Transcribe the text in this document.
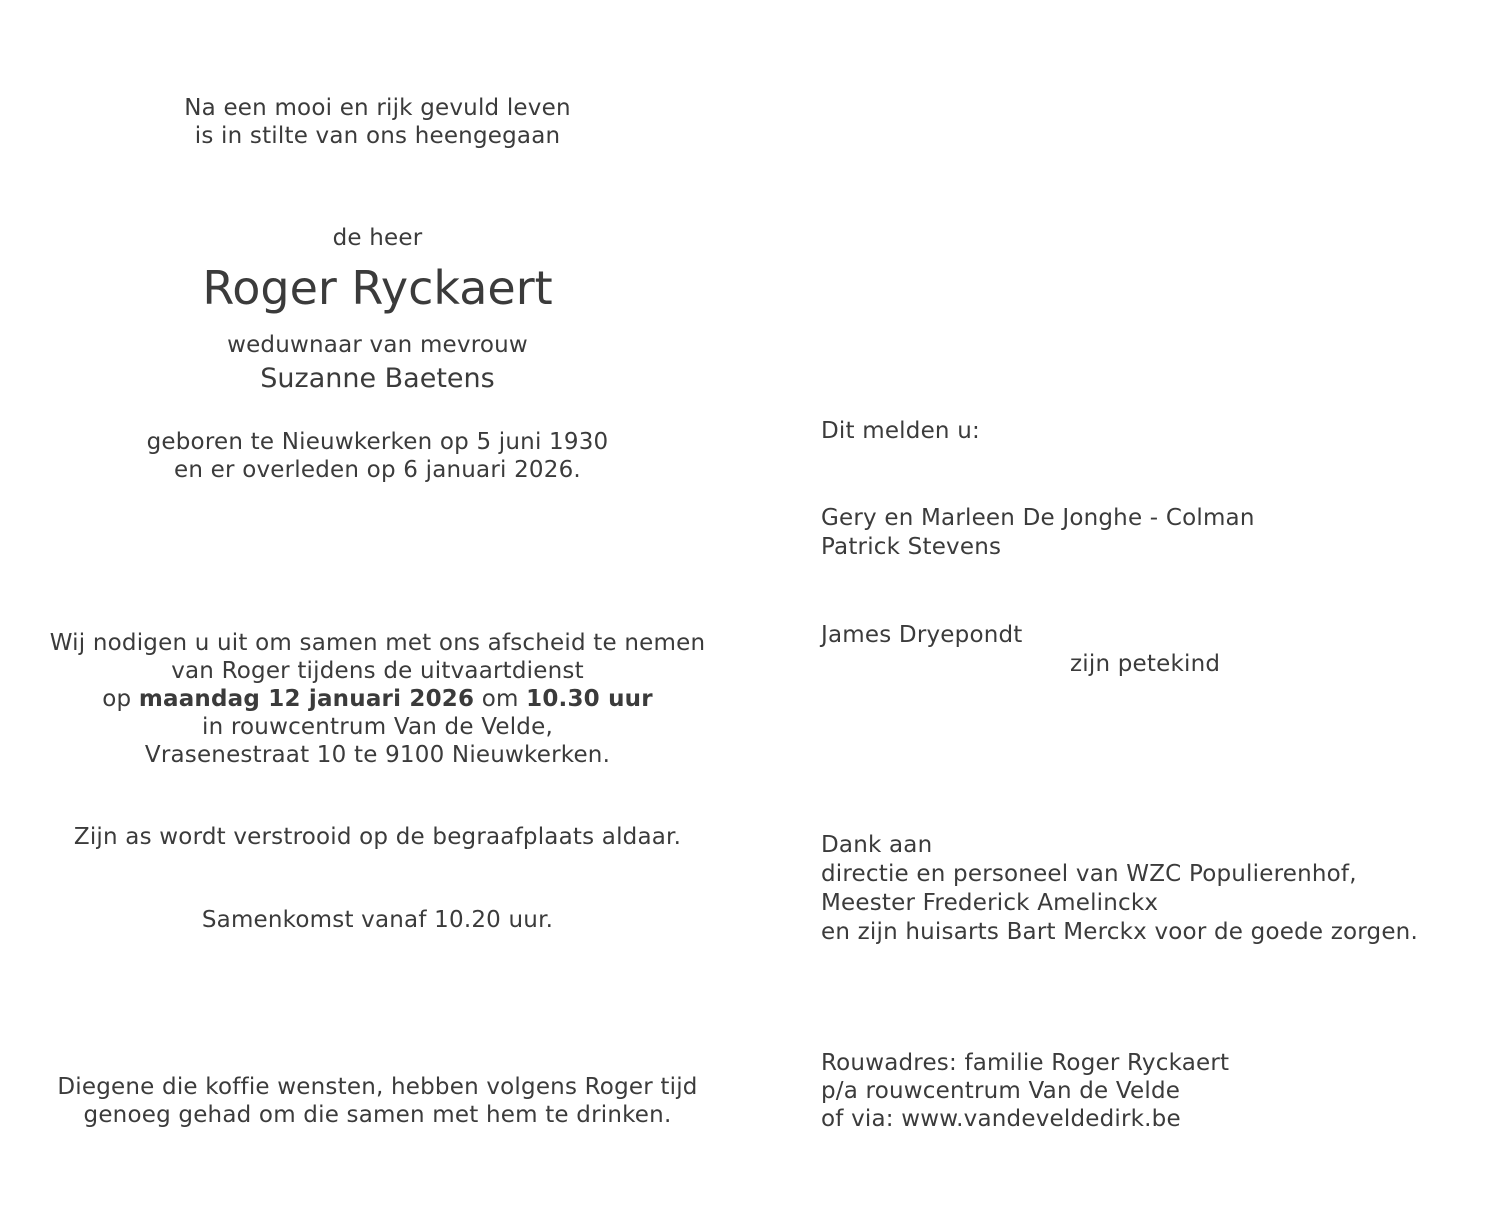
Na een mooi en rijk gevuld leven
is in stilte van ons heengegaan
de heer
Roger Ryckaert
weduwnaar van mevrouw
Suzanne Baetens
geboren te Nieuwkerken op 5 juni 1930
en er overleden op 6 januari 2026.
Wij nodigen u uit om samen met ons afscheid te nemen
van Roger tijdens de uitvaartdienst
op maandag 12 januari 2026 om 10.30 uur
in rouwcentrum Van de Velde,
Vrasenestraat 10 te 9100 Nieuwkerken.
Zijn as wordt verstrooid op de begraafplaats aldaar.
Samenkomst vanaf 10.20 uur.
Diegene die koffie wensten, hebben volgens Roger tijd
genoeg gehad om die samen met hem te drinken.
Dit melden u:
Gery en Marleen De Jonghe - Colman
Patrick Stevens
James Dryepondt
zijn petekind
Dank aan
directie en personeel van WZC Populierenhof,
Meester Frederick Amelinckx
en zijn huisarts Bart Merckx voor de goede zorgen.
Rouwadres: familie Roger Ryckaert
p/a rouwcentrum Van de Velde
of via: www.vandeveldedirk.be
